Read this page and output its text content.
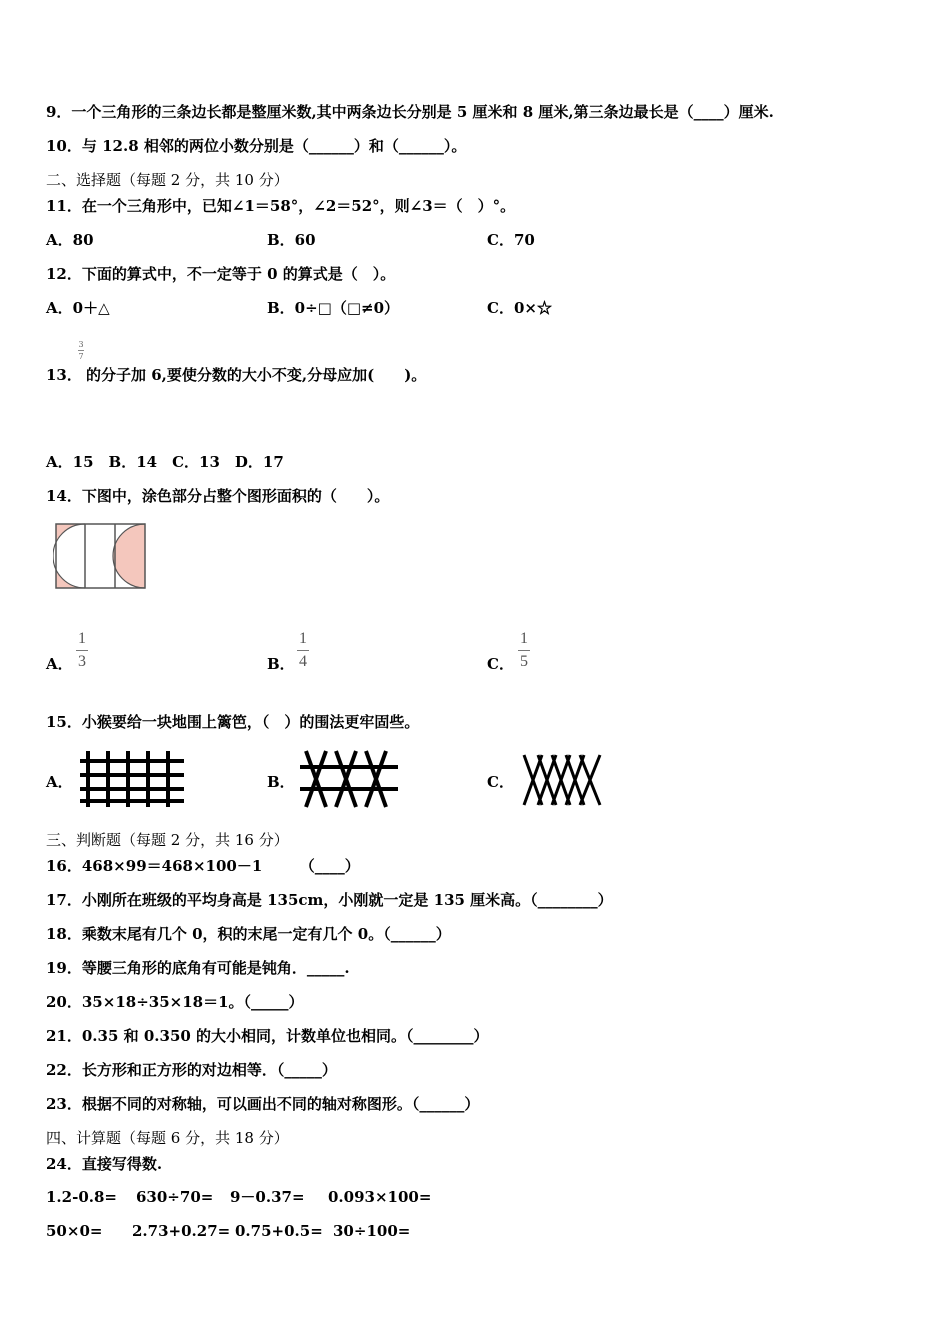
9．一个三角形的三条边长都是整厘米数,其中两条边长分别是 5 厘米和 8 厘米,第三条边最长是（____）厘米.
10．与 12.8 相邻的两位小数分别是（______）和（______）。
二、选择题（每题 2 分，共 10 分）
11．在一个三角形中，已知∠1＝58°，∠2＝52°，则∠3＝（　）°。
A．80	B．60	C．70
12．下面的算式中，不一定等于 0 的算式是（　）。
A．0＋△	B．0÷□（□≠0）	C．0×☆
13．
3
7
的分子加 6,要使分数的大小不变,分母应加(　　)。
A．15　B．14　C．13　D．17
14．下图中，涂色部分占整个图形面积的（　　）。
A．
1
3	B．
1
4	C．
1
5
15．小猴要给一块地围上篱笆，（　）的围法更牢固些。
A．	B．	C．
三、判断题（每题 2 分，共 16 分）
16．468×99＝468×100－1　　　（____）
17．小刚所在班级的平均身高是 135cm，小刚就一定是 135 厘米高。（________）
18．乘数末尾有几个 0，积的末尾一定有几个 0。（______）
19．等腰三角形的底角有可能是钝角．_____.
20．35×18÷35×18＝1。（_____）
21．0.35 和 0.350 的大小相同，计数单位也相同。（________）
22．长方形和正方形的对边相等．（_____）
23．根据不同的对称轴，可以画出不同的轴对称图形。（______）
四、计算题（每题 6 分，共 18 分）
24．直接写得数.
1.2-0.8= 630÷70= 9－0.37= 0.093×100=
50×0= 2.73+0.27= 0.75+0.5= 30÷100=
